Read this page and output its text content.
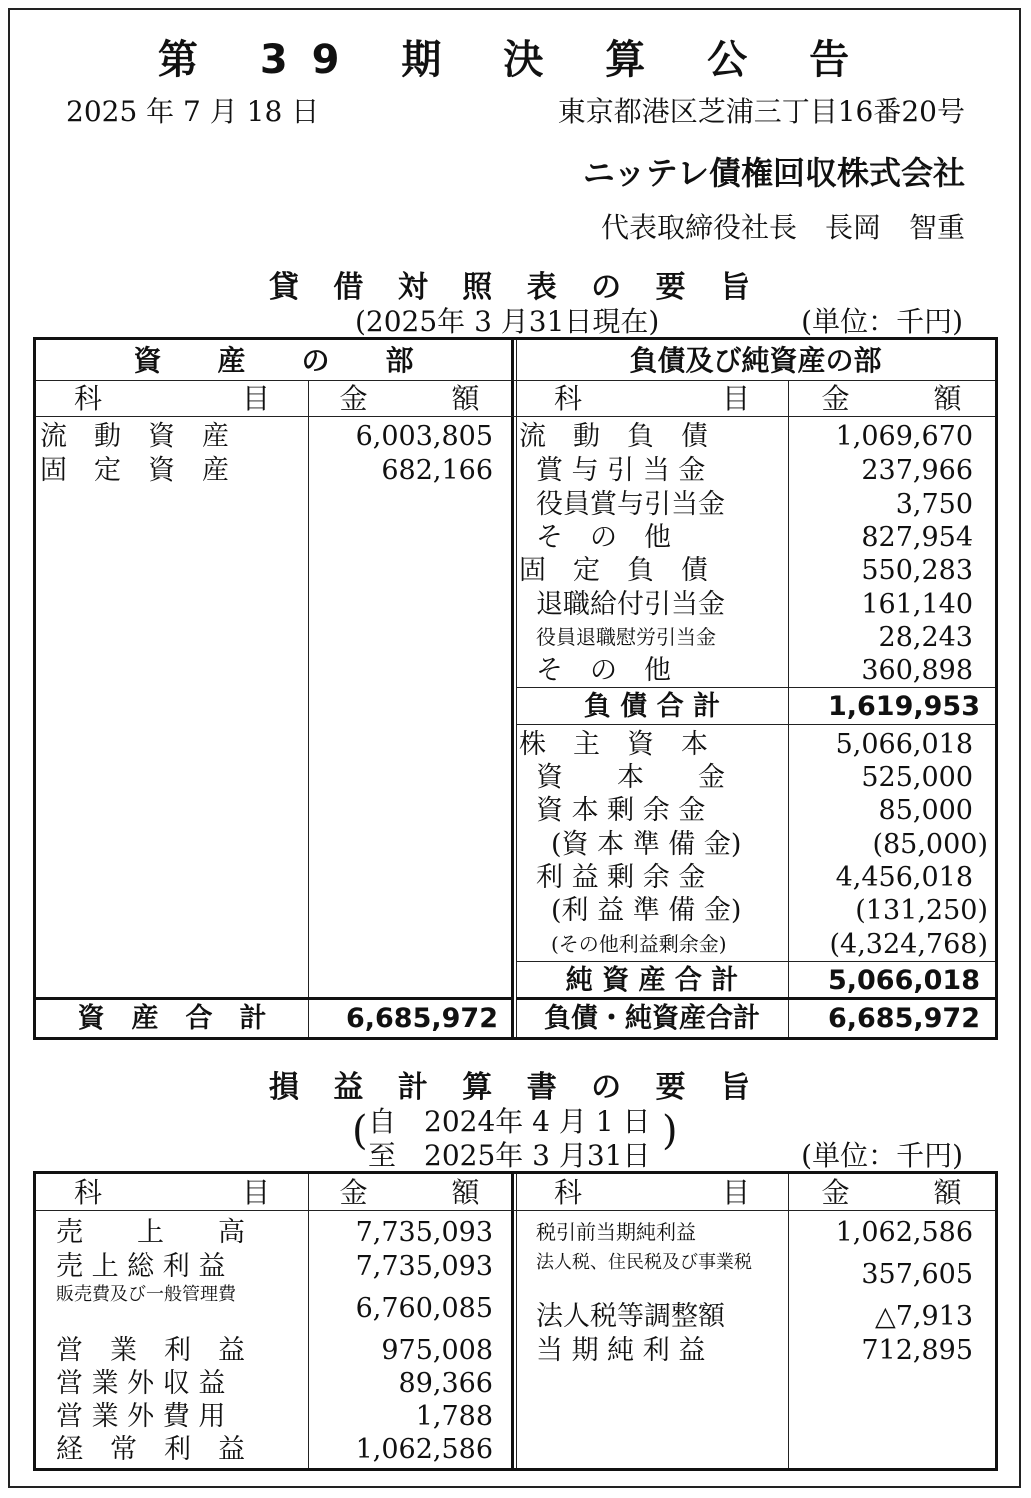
第 39 期 決 算 公 告
2025 年 7 月 18 日	東京都港区芝浦三丁目16番20号
ニッテレ債権回収株式会社
代表取締役社長　長岡　智重
貸 借 対 照 表 の 要 旨
(2025年 3 月31日現在)	(単位：千円)
資　　産　　の　　部	負債及び純資産の部
科　　　　　目	金　　　額	科　　　　　目	金　　　額
流　動　資　産	6,003,805
固　定　資　産	682,166
流　動　負　債	1,069,670
賞 与 引 当 金	237,966
役員賞与引当金	3,750
そ　の　他	827,954
固　定　負　債	550,283
退職給付引当金	161,140
役員退職慰労引当金	28,243
そ　の　他	360,898
負 債 合 計	1,619,953
株　主　資　本	5,066,018
資　　本　　金	525,000
資 本 剰 余 金	85,000
(資 本 準 備 金)	(85,000)
利 益 剰 余 金	4,456,018
(利 益 準 備 金)	(131,250)
(その他利益剰余金)	(4,324,768)
純 資 産 合 計	5,066,018
資　産　合　計	6,685,972	負債・純資産合計	6,685,972
損 益 計 算 書 の 要 旨
( 自　2024年 4 月 1 日
至　2025年 3 月31日
)
(単位：千円)
科　　　　　目	金　　　額	科　　　　　目	金　　　額
売　　上　　高	7,735,093
売 上 総 利 益	7,735,093
販売費及び一般管理費	6,760,085
営　業　利　益	975,008
営 業 外 収 益	89,366
営 業 外 費 用	1,788
経　常　利　益	1,062,586
税引前当期純利益	1,062,586
法人税、住民税及び事業税	357,605
法人税等調整額	△7,913
当 期 純 利 益	712,895
